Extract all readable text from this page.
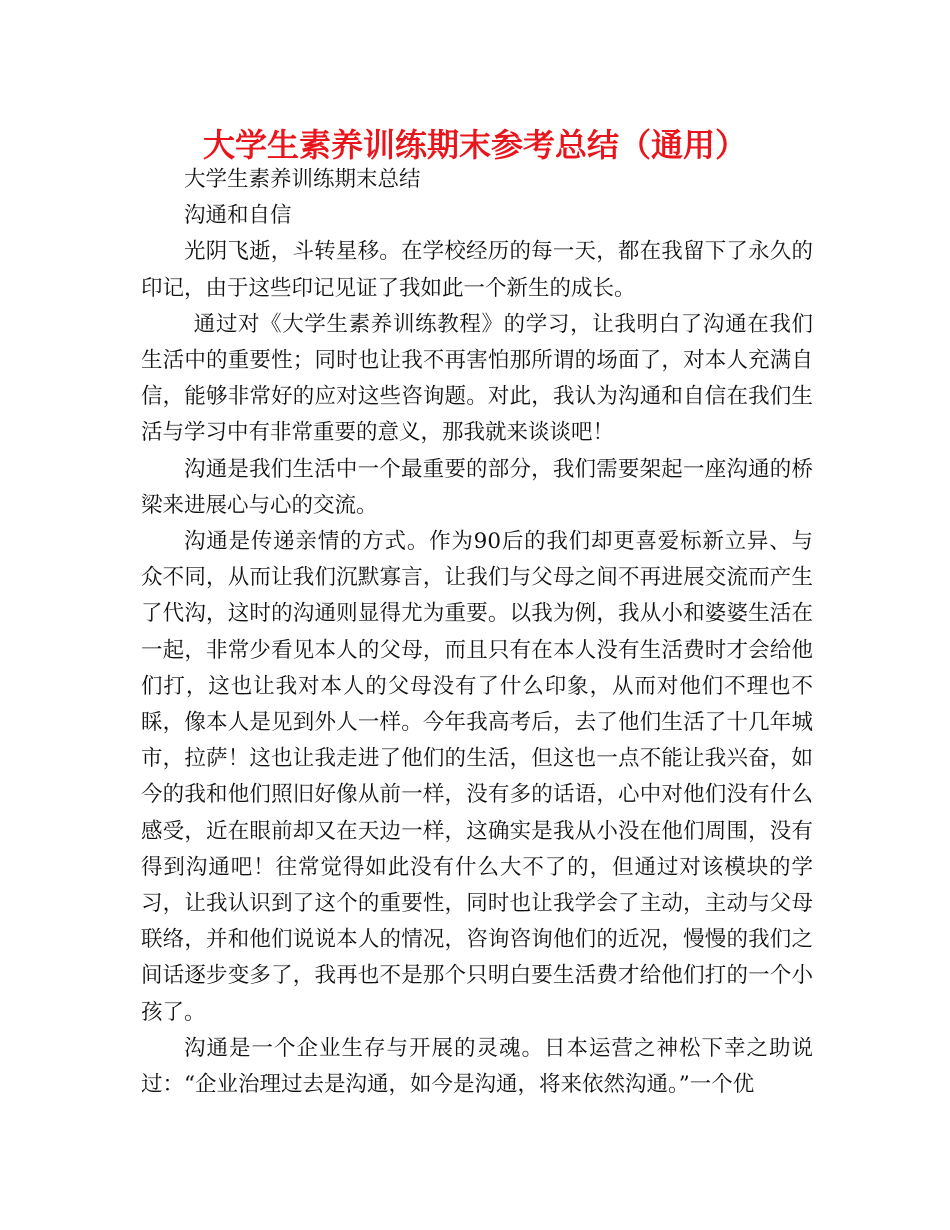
大学生素养训练期末参考总结（通用）

大学生素养训练期末总结

沟通和自信

光阴飞逝，斗转星移。在学校经历的每一天，都在我留下了永久的印记，由于这些印记见证了我如此一个新生的成长。

通过对《大学生素养训练教程》的学习，让我明白了沟通在我们生活中的重要性；同时也让我不再害怕那所谓的场面了，对本人充满自信，能够非常好的应对这些咨询题。对此，我认为沟通和自信在我们生活与学习中有非常重要的意义，那我就来谈谈吧！

沟通是我们生活中一个最重要的部分，我们需要架起一座沟通的桥梁来进展心与心的交流。

沟通是传递亲情的方式。作为90后的我们却更喜爱标新立异、与众不同，从而让我们沉默寡言，让我们与父母之间不再进展交流而产生了代沟，这时的沟通则显得尤为重要。以我为例，我从小和婆婆生活在一起，非常少看见本人的父母，而且只有在本人没有生活费时才会给他们打，这也让我对本人的父母没有了什么印象，从而对他们不理也不睬，像本人是见到外人一样。今年我高考后，去了他们生活了十几年城市，拉萨！这也让我走进了他们的生活，但这也一点不能让我兴奋，如今的我和他们照旧好像从前一样，没有多的话语，心中对他们没有什么感受，近在眼前却又在天边一样，这确实是我从小没在他们周围，没有得到沟通吧！往常觉得如此没有什么大不了的，但通过对该模块的学习，让我认识到了这个的重要性，同时也让我学会了主动，主动与父母联络，并和他们说说本人的情况，咨询咨询他们的近况，慢慢的我们之间话逐步变多了，我再也不是那个只明白要生活费才给他们打的一个小孩了。

沟通是一个企业生存与开展的灵魂。日本运营之神松下幸之助说过：“企业治理过去是沟通，如今是沟通，将来依然沟通。”一个优
